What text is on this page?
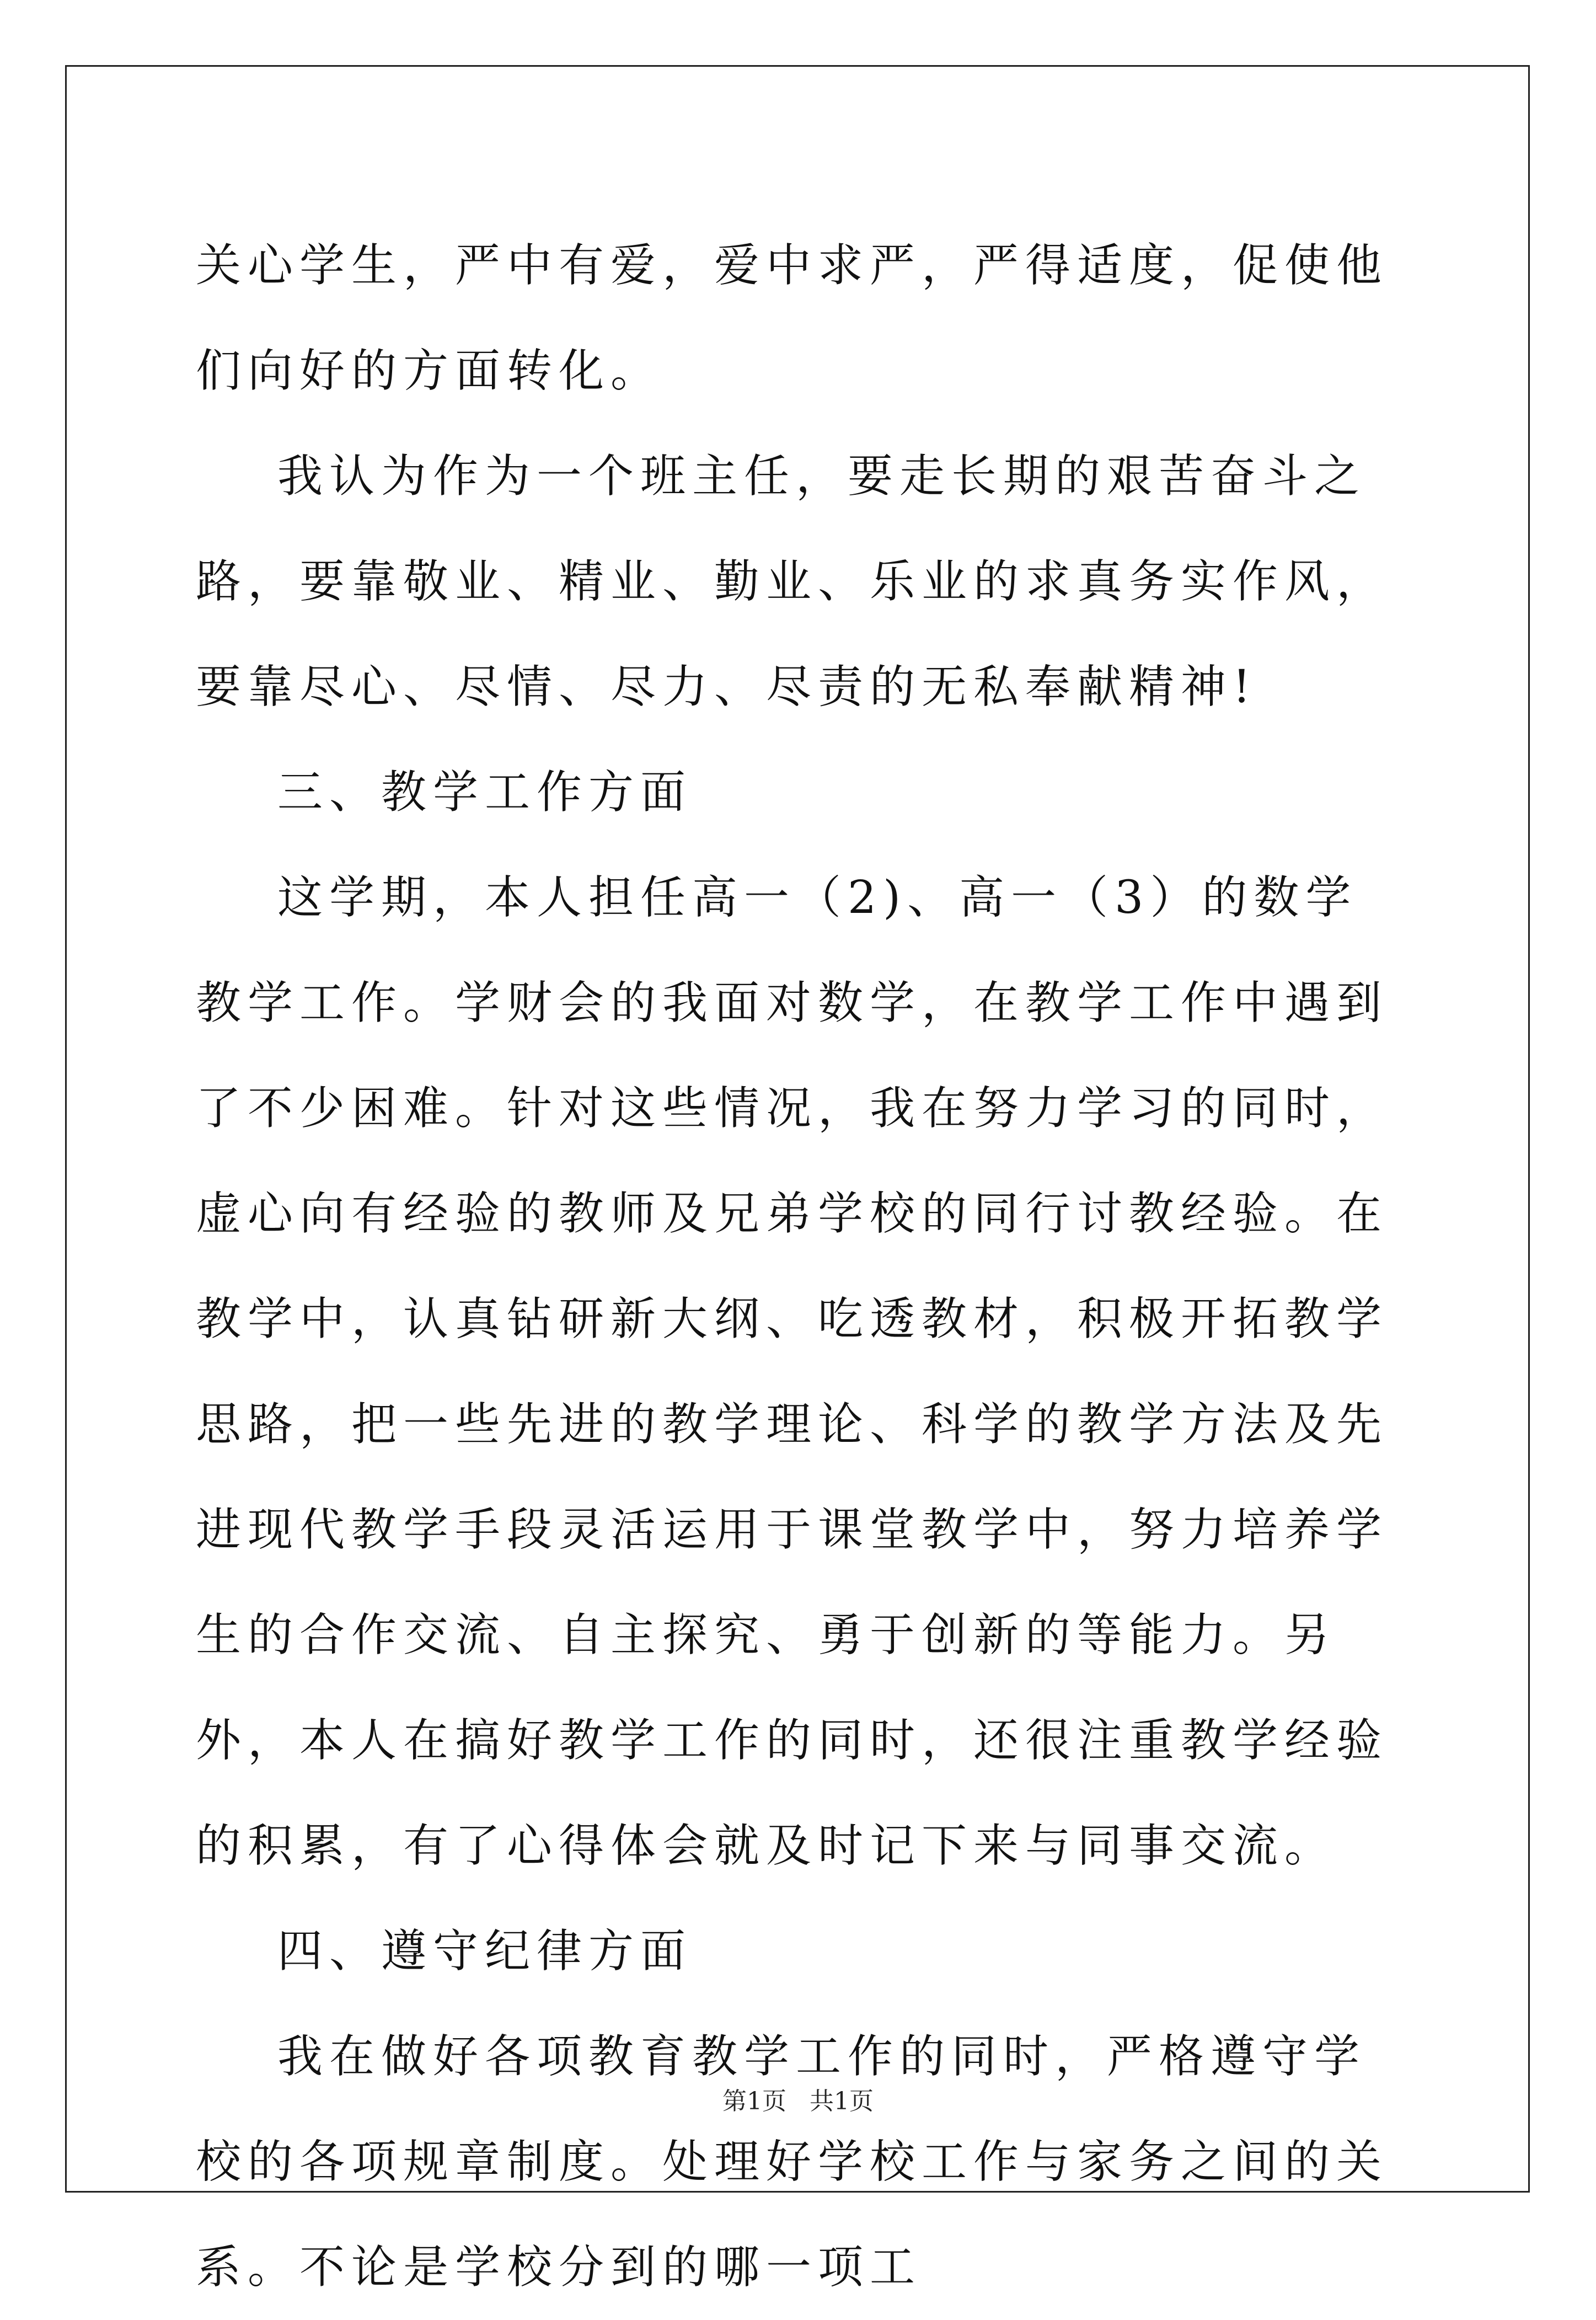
关心学生，严中有爱，爱中求严，严得适度，促使他们向好的方面转化。

我认为作为一个班主任，要走长期的艰苦奋斗之路，要靠敬业、精业、勤业、乐业的求真务实作风，要靠尽心、尽情、尽力、尽责的无私奉献精神!

三、教学工作方面

这学期，本人担任高一（2)、高一（3）的数学教学工作。学财会的我面对数学，在教学工作中遇到了不少困难。针对这些情况，我在努力学习的同时，虚心向有经验的教师及兄弟学校的同行讨教经验。在教学中，认真钻研新大纲、吃透教材，积极开拓教学思路，把一些先进的教学理论、科学的教学方法及先进现代教学手段灵活运用于课堂教学中，努力培养学生的合作交流、自主探究、勇于创新的等能力。另外，本人在搞好教学工作的同时，还很注重教学经验的积累，有了心得体会就及时记下来与同事交流。

四、遵守纪律方面

我在做好各项教育教学工作的同时，严格遵守学校的各项规章制度。处理好学校工作与家务之间的关系。不论是学校分到的哪一项工

第1页 共1页
